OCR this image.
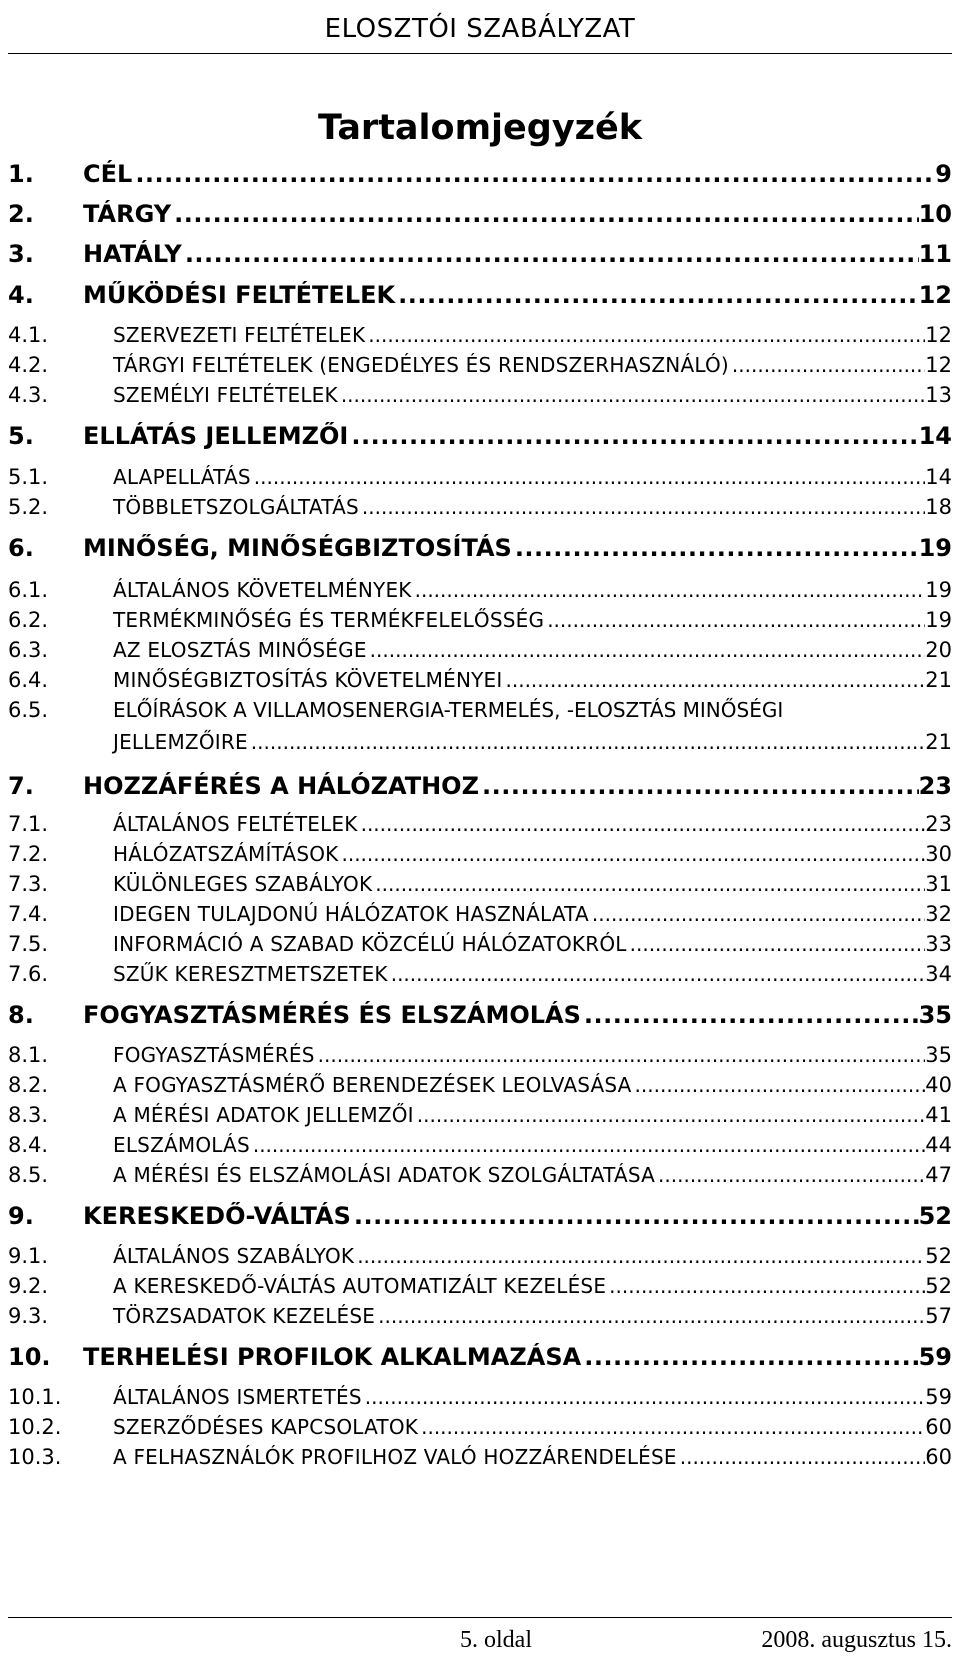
ELOSZTÓI SZABÁLYZAT
Tartalomjegyzék
1.	CÉL .....	9
2.	TÁRGY .....	10
3.	HATÁLY .....	11
4.	MŰKÖDÉSI FELTÉTELEK .....	12
4.1.	SZERVEZETI FELTÉTELEK .....	12
4.2.	TÁRGYI FELTÉTELEK (ENGEDÉLYES ÉS RENDSZERHASZNÁLÓ) .....	12
4.3.	SZEMÉLYI FELTÉTELEK .....	13
5.	ELLÁTÁS JELLEMZŐI .....	14
5.1.	ALAPELLÁTÁS .....	14
5.2.	TÖBBLETSZOLGÁLTATÁS .....	18
6.	MINŐSÉG, MINŐSÉGBIZTOSÍTÁS .....	19
6.1.	ÁLTALÁNOS KÖVETELMÉNYEK .....	19
6.2.	TERMÉKMINŐSÉG ÉS TERMÉKFELELŐSSÉG .....	19
6.3.	AZ ELOSZTÁS MINŐSÉGE .....	20
6.4.	MINŐSÉGBIZTOSÍTÁS KÖVETELMÉNYEI .....	21
6.5.	ELŐÍRÁSOK A VILLAMOSENERGIA-TERMELÉS, -ELOSZTÁS MINŐSÉGI
JELLEMZŐIRE .....	21
7.	HOZZÁFÉRÉS A HÁLÓZATHOZ .....	23
7.1.	ÁLTALÁNOS FELTÉTELEK .....	23
7.2.	HÁLÓZATSZÁMÍTÁSOK .....	30
7.3.	KÜLÖNLEGES SZABÁLYOK .....	31
7.4.	IDEGEN TULAJDONÚ HÁLÓZATOK HASZNÁLATA .....	32
7.5.	INFORMÁCIÓ A SZABAD KÖZCÉLÚ HÁLÓZATOKRÓL .....	33
7.6.	SZŰK KERESZTMETSZETEK .....	34
8.	FOGYASZTÁSMÉRÉS ÉS ELSZÁMOLÁS .....	35
8.1.	FOGYASZTÁSMÉRÉS .....	35
8.2.	A FOGYASZTÁSMÉRŐ BERENDEZÉSEK LEOLVASÁSA .....	40
8.3.	A MÉRÉSI ADATOK JELLEMZŐI .....	41
8.4.	ELSZÁMOLÁS .....	44
8.5.	A MÉRÉSI ÉS ELSZÁMOLÁSI ADATOK SZOLGÁLTATÁSA .....	47
9.	KERESKEDŐ-VÁLTÁS .....	52
9.1.	ÁLTALÁNOS SZABÁLYOK .....	52
9.2.	A KERESKEDŐ-VÁLTÁS AUTOMATIZÁLT KEZELÉSE .....	52
9.3.	TÖRZSADATOK KEZELÉSE .....	57
10.	TERHELÉSI PROFILOK ALKALMAZÁSA .....	59
10.1.	ÁLTALÁNOS ISMERTETÉS .....	59
10.2.	SZERZŐDÉSES KAPCSOLATOK .....	60
10.3.	A FELHASZNÁLÓK PROFILHOZ VALÓ HOZZÁRENDELÉSE .....	60
5. oldal	2008. augusztus 15.
